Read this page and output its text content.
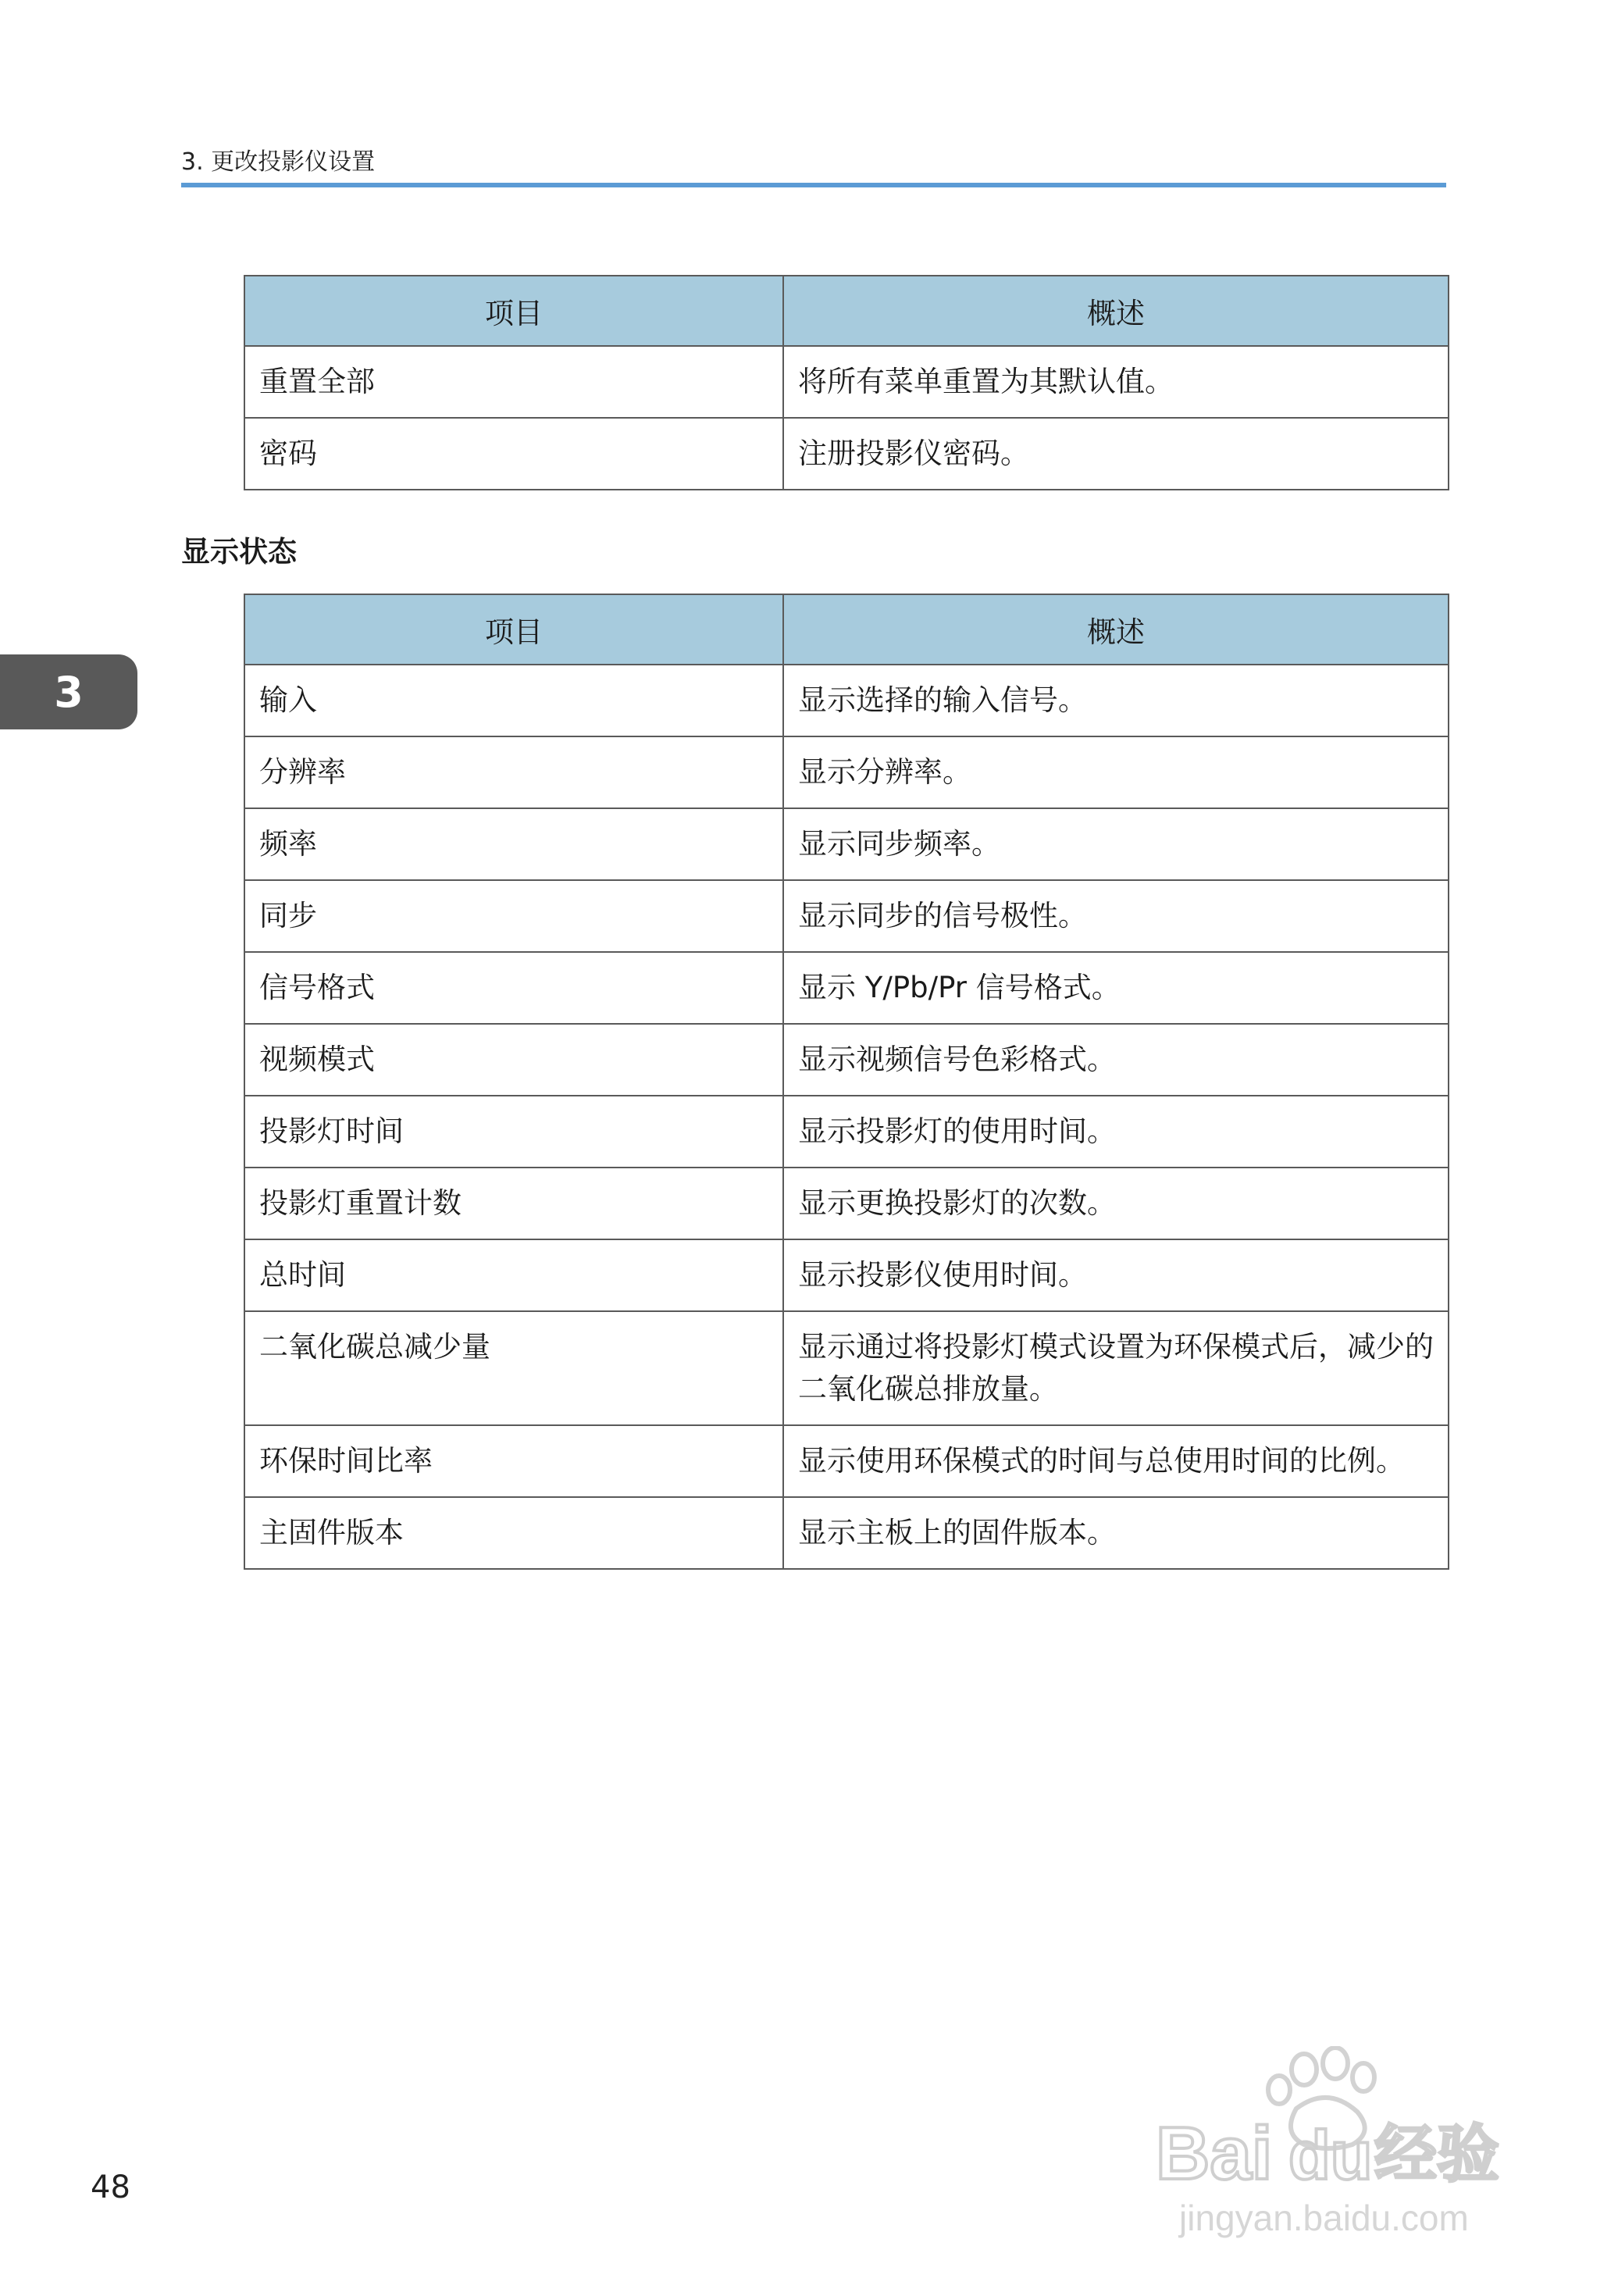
3. 更改投影仪设置
3
项目	概述
重置全部	将所有菜单重置为其默认值。
密码	注册投影仪密码。
显示状态
项目	概述
输入	显示选择的输入信号。
分辨率	显示分辨率。
频率	显示同步频率。
同步	显示同步的信号极性。
信号格式	显示 Y/Pb/Pr 信号格式。
视频模式	显示视频信号色彩格式。
投影灯时间	显示投影灯的使用时间。
投影灯重置计数	显示更换投影灯的次数。
总时间	显示投影仪使用时间。
二氧化碳总减少量	显示通过将投影灯模式设置为环保模式后，减少的二氧化碳总排放量。
环保时间比率	显示使用环保模式的时间与总使用时间的比例。
主固件版本	显示主板上的固件版本。
48	Bai du 经验
jingyan.baidu.com
